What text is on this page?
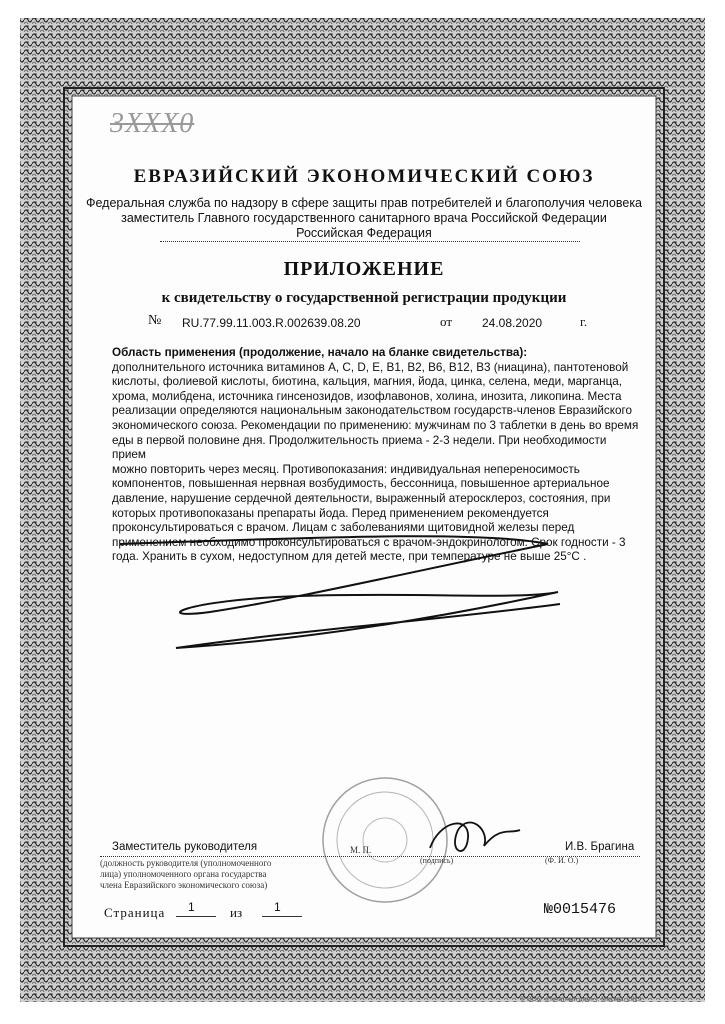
3XXX0
ЕВРАЗИЙСКИЙ ЭКОНОМИЧЕСКИЙ СОЮЗ
Федеральная служба по надзору в сфере защиты прав потребителей и благополучия человека
заместитель Главного государственного санитарного врача Российской Федерации
Российская Федерация
ПРИЛОЖЕНИЕ
к свидетельству о государственной регистрации продукции
№ RU.77.99.11.003.R.002639.08.20	от 24.08.2020	г.
Область применения (продолжение, начало на бланке свидетельства):
дополнительного источника витаминов А, С, D, Е, В1, В2, В6, В12, В3 (ниацина), пантотеновой
кислоты, фолиевой кислоты, биотина, кальция, магния, йода, цинка, селена, меди, марганца,
хрома, молибдена, источника гинсенозидов, изофлавонов, холина, инозита, ликопина. Места
реализации определяются национальным законодательством государств-членов Евразийского
экономического союза. Рекомендации по применению: мужчинам по 3 таблетки в день во время
еды в первой половине дня. Продолжительность приема - 2-3 недели. При необходимости прием
можно повторить через месяц. Противопоказания: индивидуальная непереносимость
компонентов, повышенная нервная возбудимость, бессонница, повышенное артериальное
давление, нарушение сердечной деятельности, выраженный атеросклероз, состояния, при
которых противопоказаны препараты йода. Перед применением рекомендуется
проконсультироваться с врачом. Лицам с заболеваниями щитовидной железы перед
применением необходимо проконсультироваться с врачом-эндокринологом. Срок годности - 3
года. Хранить в сухом, недоступном для детей месте, при температуре не выше 25°С .
Заместитель руководителя	И.В. Брагина
(должность руководителя (уполномоченного
лица) уполномоченного органа государства
члена Евразийского экономического союза)
М. П.
(подпись)	(Ф. И. О.)
Страница 1	из	1	№0015476
© ООО «Печатный дом» г. Москва, 2019
